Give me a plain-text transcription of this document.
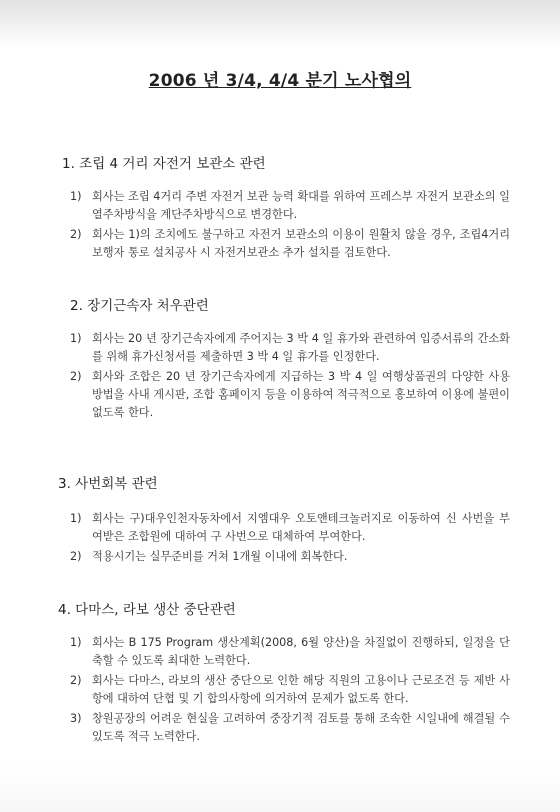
2006 년 3/4, 4/4 분기 노사협의
1. 조립 4 거리 자전거 보관소 관련
1) 회사는 조립 4거리 주변 자전거 보관 능력 확대를 위하여 프레스부 자전거 보관소의 일열주차방식을 계단주차방식으로 변경한다.
2) 회사는 1)의 조치에도 불구하고 자전거 보관소의 이용이 원활치 않을 경우, 조립4거리 보행자 통로 설치공사 시 자전거보관소 추가 설치를 검토한다.
2. 장기근속자 처우관련
1) 회사는 20 년 장기근속자에게 주어지는 3 박 4 일 휴가와 관련하여 입증서류의 간소화를 위해 휴가신청서를 제출하면 3 박 4 일 휴가를 인정한다.
2) 회사와 조합은 20 년 장기근속자에게 지급하는 3 박 4 일 여행상품권의 다양한 사용 방법을 사내 게시판, 조합 홈페이지 등을 이용하여 적극적으로 홍보하여 이용에 불편이 없도록 한다.
3. 사번회복 관련
1) 회사는 구)대우인천자동차에서 지엠대우 오토앤테크놀러지로 이동하여 신 사번을 부여받은 조합원에 대하여 구 사번으로 대체하여 부여한다.
2) 적용시기는 실무준비를 거쳐 1개월 이내에 회복한다.
4. 다마스, 라보 생산 중단관련
1) 회사는 B 175 Program 생산계획(2008, 6월 양산)을 차질없이 진행하되, 일정을 단축할 수 있도록 최대한 노력한다.
2) 회사는 다마스, 라보의 생산 중단으로 인한 해당 직원의 고용이나 근로조건 등 제반 사항에 대하여 단협 및 기 합의사항에 의거하여 문제가 없도록 한다.
3) 창원공장의 어려운 현실을 고려하여 중장기적 검토를 통해 조속한 시일내에 해결될 수 있도록 적극 노력한다.
